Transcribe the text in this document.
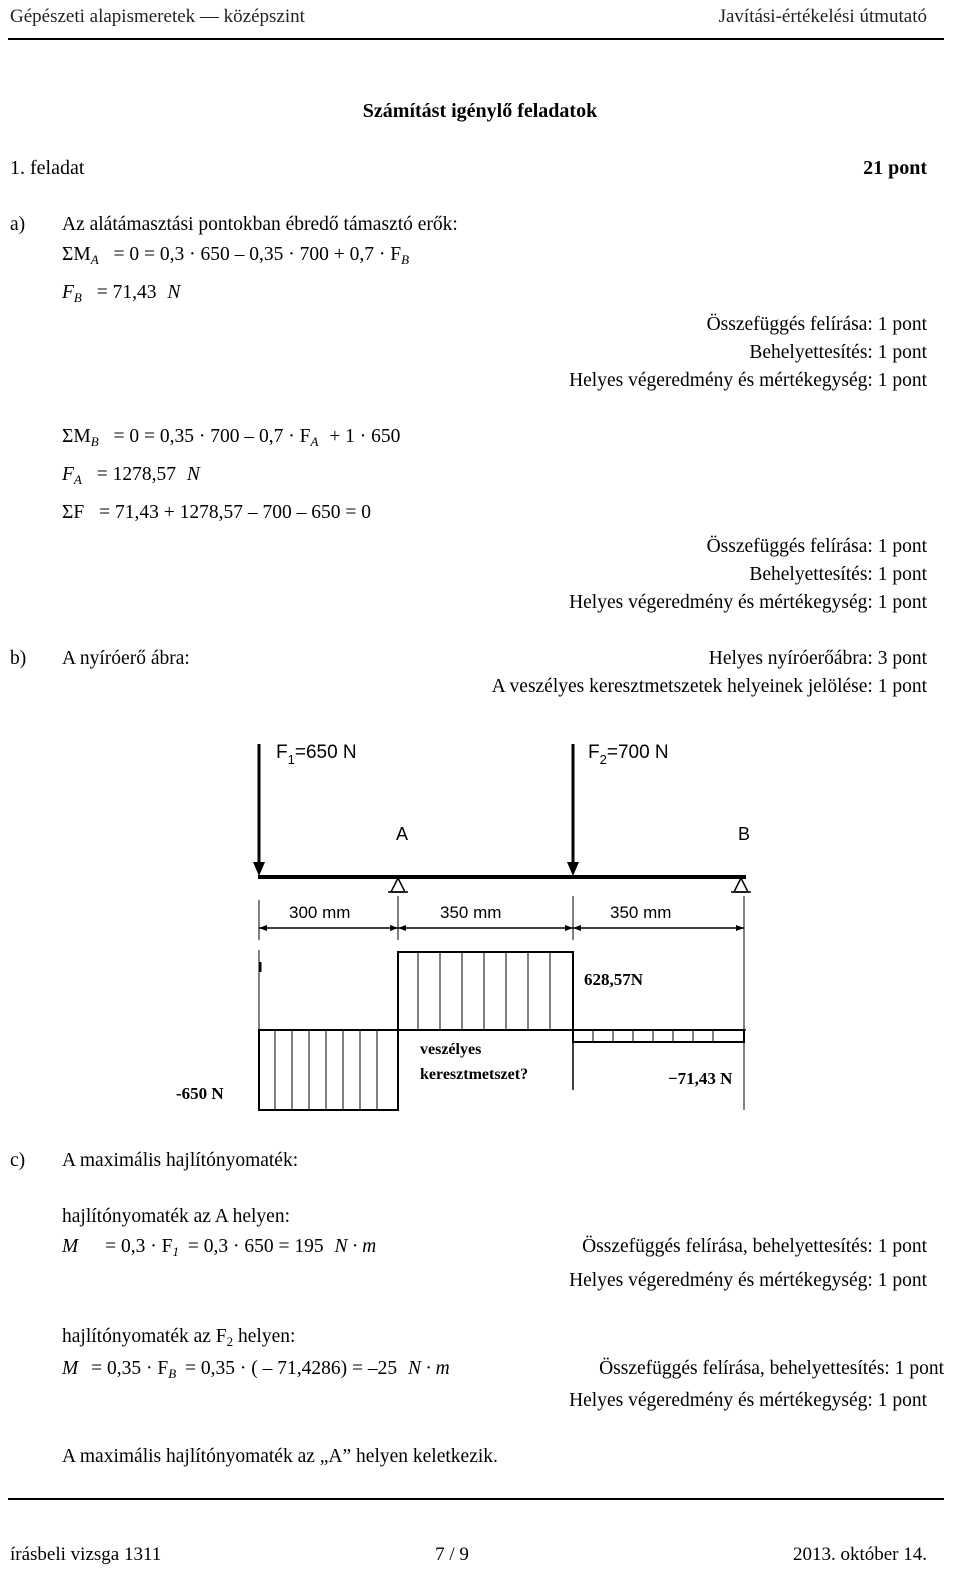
Gépészeti alapismeretek — középszint	Javítási-értékelési útmutató
Számítást igénylő feladatok
1. feladat	21 pont
a) Az alátámasztási pontokban ébredő támasztó erők:
$\Sigma M_A = 0 = 0,3 \cdot 650 - 0,35 \cdot 700 + 0,7 \cdot F_B$
$F_B = 71,43$ N
Összefüggés felírása: 1 pont
Behelyettesítés: 1 pont
Helyes végeredmény és mértékegység: 1 pont
$\Sigma M_B = 0 = 0,35 \cdot 700 - 0,7 \cdot F_A + 1 \cdot 650$
$F_A = 1278,57$ N
ΣF = 71,43 + 1278,57 – 700 – 650 = 0
Összefüggés felírása: 1 pont
Behelyettesítés: 1 pont
Helyes végeredmény és mértékegység: 1 pont
b) A nyíróerő ábra:	Helyes nyíróerőábra: 3 pont
A veszélyes keresztmetszetek helyeinek jelölése: 1 pont
$F_1=650$ N	$F_2=700$ N
A	B
300 mm	350 mm	350 mm
628,57N
-650 N
−71,43 N
veszélyes
keresztmetszet?
c) A maximális hajlítónyomaték:
hajlítónyomaték az A helyen:
$M = 0,3 \cdot F_1 = 0,3 \cdot 650 = 195$ N · m	Összefüggés felírása, behelyettesítés: 1 pont
Helyes végeredmény és mértékegység: 1 pont
hajlítónyomaték az $F_2$ helyen:
$M = 0,35 \cdot F_B = 0,35$ · ( – 71,4286) = –25 N · m	Összefüggés felírása, behelyettesítés: 1 pont
Helyes végeredmény és mértékegység: 1 pont
A maximális hajlítónyomaték az „A” helyen keletkezik.
írásbeli vizsga 1311	7 / 9	2013. október 14.
